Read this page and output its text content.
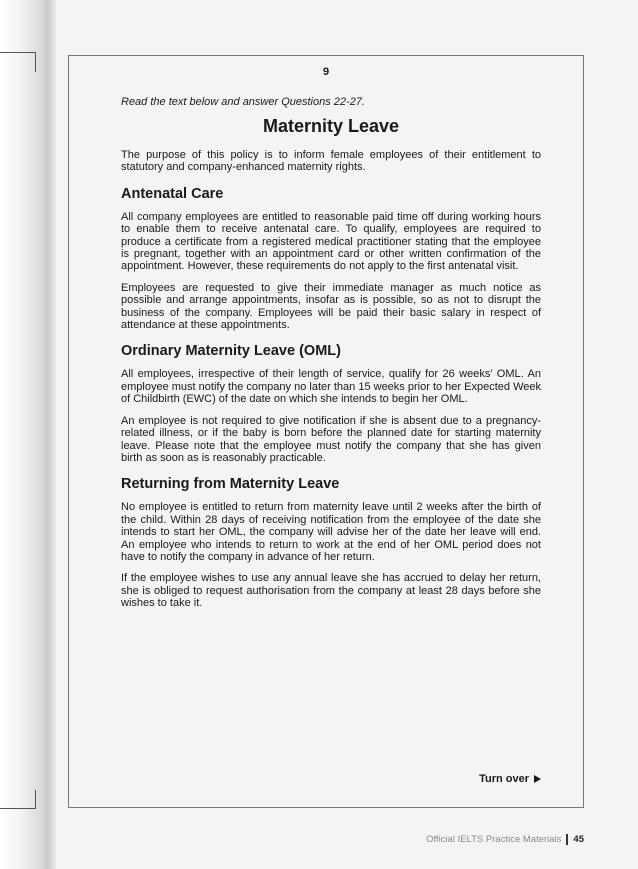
9

Read the text below and answer Questions 22-27.

Maternity Leave

The purpose of this policy is to inform female employees of their entitlement to statutory and company-enhanced maternity rights.

Antenatal Care

All company employees are entitled to reasonable paid time off during working hours to enable them to receive antenatal care. To qualify, employees are required to produce a certificate from a registered medical practitioner stating that the employee is pregnant, together with an appointment card or other written confirmation of the appointment. However, these requirements do not apply to the first antenatal visit.

Employees are requested to give their immediate manager as much notice as possible and arrange appointments, insofar as is possible, so as not to disrupt the business of the company. Employees will be paid their basic salary in respect of attendance at these appointments.

Ordinary Maternity Leave (OML)

All employees, irrespective of their length of service, qualify for 26 weeks’ OML. An employee must notify the company no later than 15 weeks prior to her Expected Week of Childbirth (EWC) of the date on which she intends to begin her OML.

An employee is not required to give notification if she is absent due to a pregnancy-related illness, or if the baby is born before the planned date for starting maternity leave. Please note that the employee must notify the company that she has given birth as soon as is reasonably practicable.

Returning from Maternity Leave

No employee is entitled to return from maternity leave until 2 weeks after the birth of the child. Within 28 days of receiving notification from the employee of the date she intends to start her OML, the company will advise her of the date her leave will end. An employee who intends to return to work at the end of her OML period does not have to notify the company in advance of her return.

If the employee wishes to use any annual leave she has accrued to delay her return, she is obliged to request authorisation from the company at least 28 days before she wishes to take it.

Turn over
Official IELTS Practice Materials 45
